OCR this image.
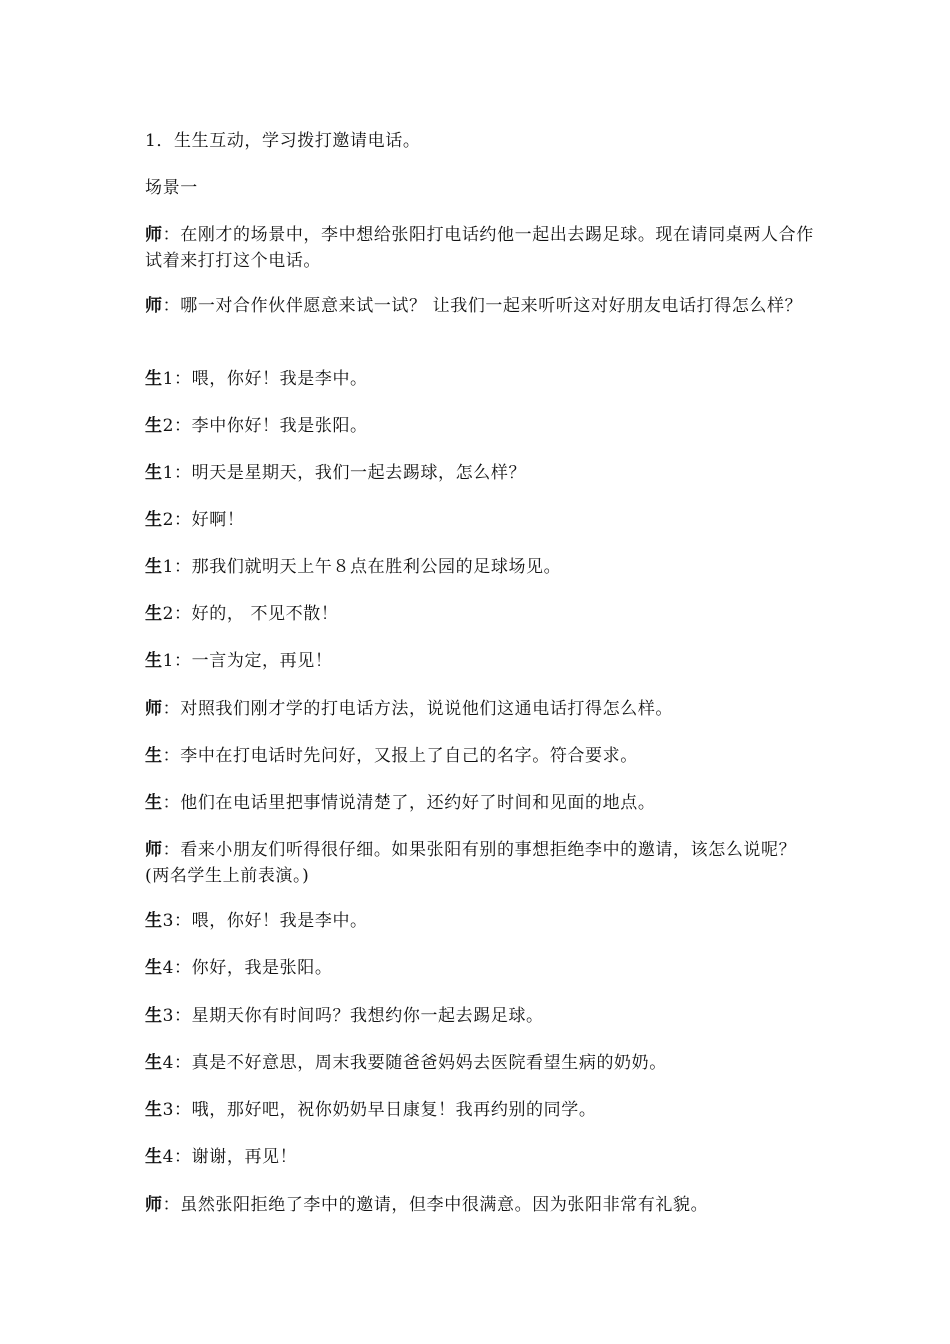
1．生生互动，学习拨打邀请电话。

场景一

师：在刚才的场景中，李中想给张阳打电话约他一起出去踢足球。现在请同桌两人合作试着来打打这个电话。

师：哪一对合作伙伴愿意来试一试？ 让我们一起来听听这对好朋友电话打得怎么样？

生1：喂，你好！我是李中。

生2：李中你好！我是张阳。

生1：明天是星期天，我们一起去踢球，怎么样？

生2：好啊！

生1：那我们就明天上午８点在胜利公园的足球场见。

生2：好的， 不见不散！

生1：一言为定，再见！

师：对照我们刚才学的打电话方法，说说他们这通电话打得怎么样。

生：李中在打电话时先问好，又报上了自己的名字。符合要求。

生：他们在电话里把事情说清楚了，还约好了时间和见面的地点。

师：看来小朋友们听得很仔细。如果张阳有别的事想拒绝李中的邀请，该怎么说呢？(两名学生上前表演。)

生3：喂，你好！我是李中。

生4：你好，我是张阳。

生3：星期天你有时间吗？我想约你一起去踢足球。

生4：真是不好意思，周末我要随爸爸妈妈去医院看望生病的奶奶。

生3：哦，那好吧，祝你奶奶早日康复！我再约别的同学。

生4：谢谢，再见！

师：虽然张阳拒绝了李中的邀请，但李中很满意。因为张阳非常有礼貌。
